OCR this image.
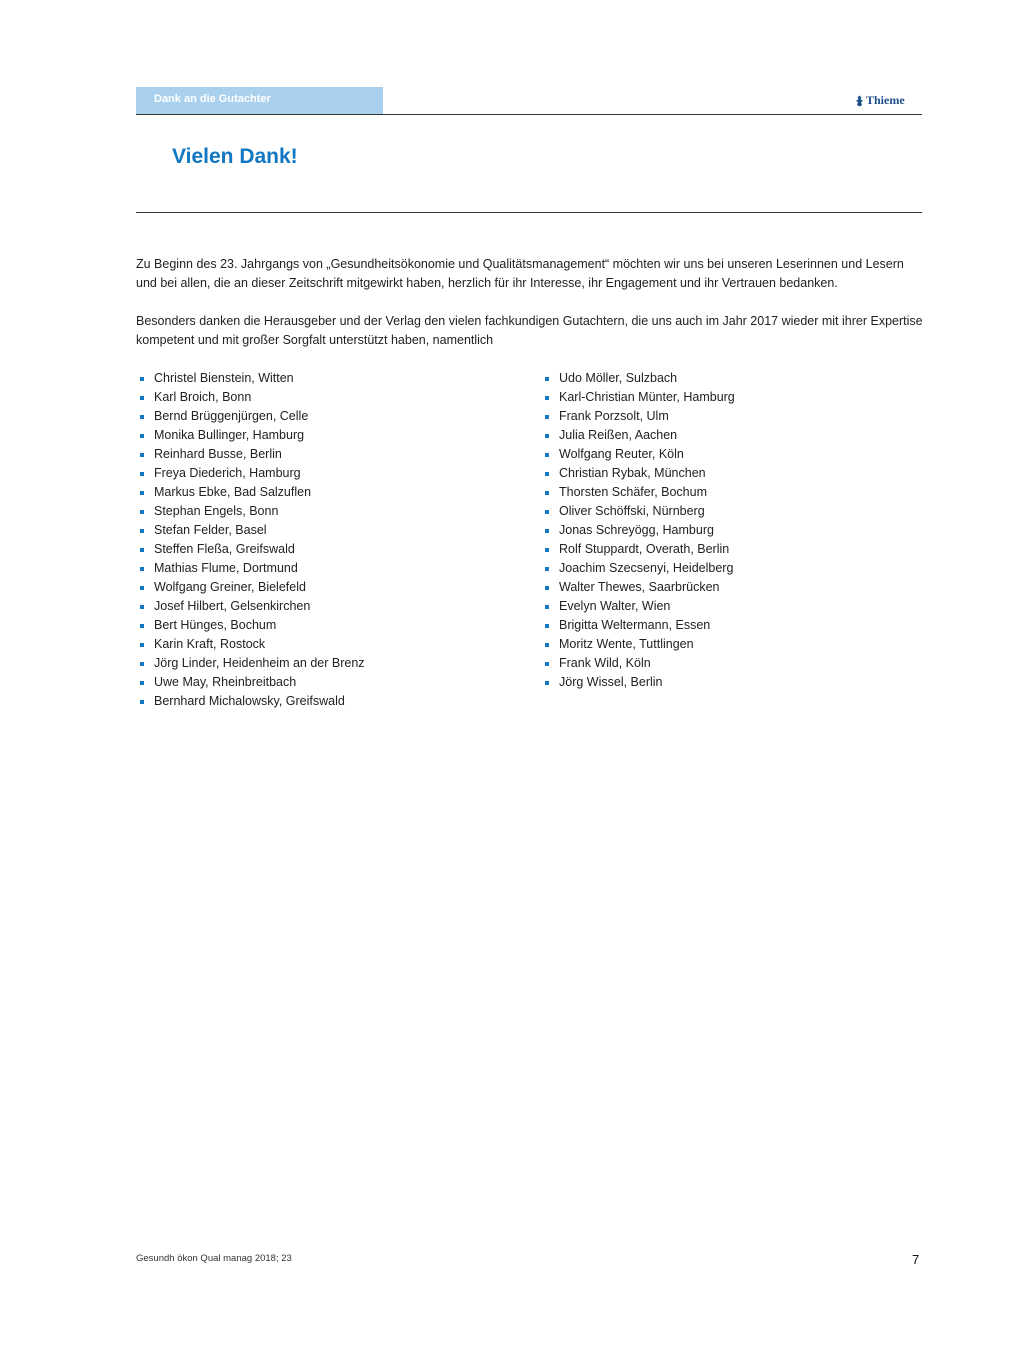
Dank an die Gutachter	Thieme
Vielen Dank!

Zu Beginn des 23. Jahrgangs von „Gesundheitsökonomie und Qualitätsmanagement“ möchten wir uns bei unseren Leserinnen und Lesern und bei allen, die an dieser Zeitschrift mitgewirkt haben, herzlich für ihr Interesse, ihr Engagement und ihr Vertrauen bedanken.

Besonders danken die Herausgeber und der Verlag den vielen fachkundigen Gutachtern, die uns auch im Jahr 2017 wieder mit ihrer Expertise kompetent und mit großer Sorgfalt unterstützt haben, namentlich

Christel Bienstein, Witten
Karl Broich, Bonn
Bernd Brüggenjürgen, Celle
Monika Bullinger, Hamburg
Reinhard Busse, Berlin
Freya Diederich, Hamburg
Markus Ebke, Bad Salzuflen
Stephan Engels, Bonn
Stefan Felder, Basel
Steffen Fleßa, Greifswald
Mathias Flume, Dortmund
Wolfgang Greiner, Bielefeld
Josef Hilbert, Gelsenkirchen
Bert Hünges, Bochum
Karin Kraft, Rostock
Jörg Linder, Heidenheim an der Brenz
Uwe May, Rheinbreitbach
Bernhard Michalowsky, Greifswald
Udo Möller, Sulzbach
Karl-Christian Münter, Hamburg
Frank Porzsolt, Ulm
Julia Reißen, Aachen
Wolfgang Reuter, Köln
Christian Rybak, München
Thorsten Schäfer, Bochum
Oliver Schöffski, Nürnberg
Jonas Schreyögg, Hamburg
Rolf Stuppardt, Overath, Berlin
Joachim Szecsenyi, Heidelberg
Walter Thewes, Saarbrücken
Evelyn Walter, Wien
Brigitta Weltermann, Essen
Moritz Wente, Tuttlingen
Frank Wild, Köln
Jörg Wissel, Berlin
Gesundh ökon Qual manag 2018; 23	7
